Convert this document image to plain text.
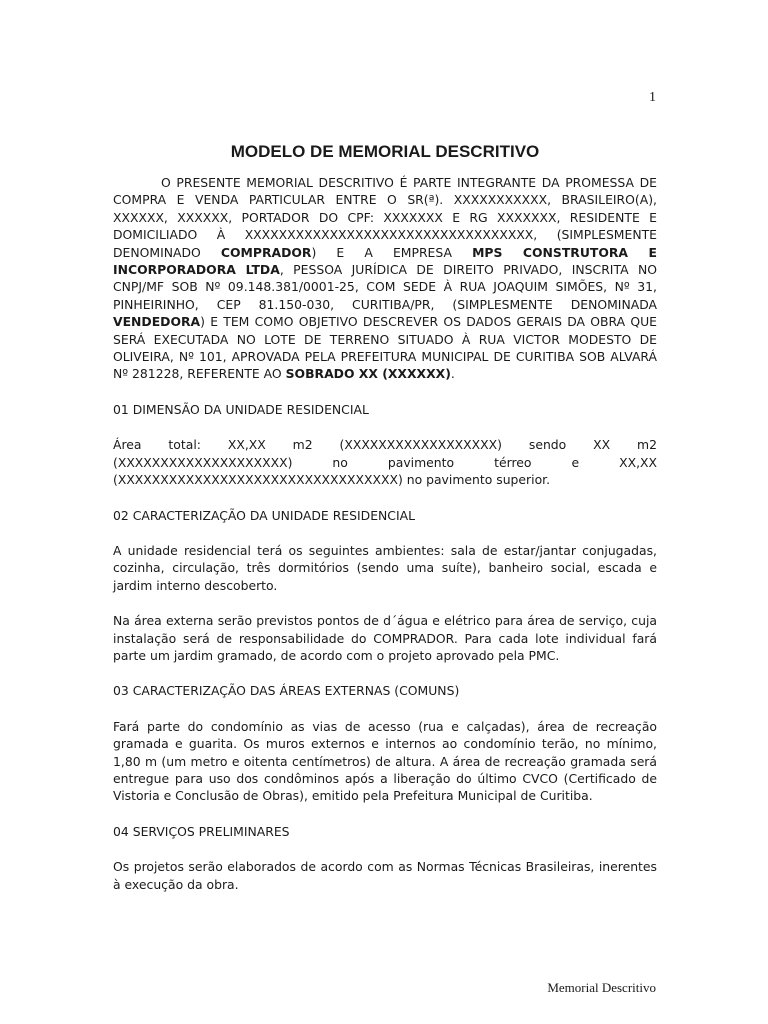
1
MODELO DE MEMORIAL DESCRITIVO

O PRESENTE MEMORIAL DESCRITIVO É PARTE INTEGRANTE DA PROMESSA DE COMPRA E VENDA PARTICULAR ENTRE O SR(ª). XXXXXXXXXXX, BRASILEIRO(A), XXXXXX, XXXXXX, PORTADOR DO CPF: XXXXXXX E RG XXXXXXX, RESIDENTE E DOMICILIADO À XXXXXXXXXXXXXXXXXXXXXXXXXXXXXXXXXX, (SIMPLESMENTE DENOMINADO COMPRADOR) E A EMPRESA MPS CONSTRUTORA E INCORPORADORA LTDA, PESSOA JURÍDICA DE DIREITO PRIVADO, INSCRITA NO CNPJ/MF SOB Nº 09.148.381/0001-25, COM SEDE À RUA JOAQUIM SIMÕES, Nº 31, PINHEIRINHO, CEP 81.150-030, CURITIBA/PR, (SIMPLESMENTE DENOMINADA VENDEDORA) E TEM COMO OBJETIVO DESCREVER OS DADOS GERAIS DA OBRA QUE SERÁ EXECUTADA NO LOTE DE TERRENO SITUADO À RUA VICTOR MODESTO DE OLIVEIRA, Nº 101, APROVADA PELA PREFEITURA MUNICIPAL DE CURITIBA SOB ALVARÁ Nº 281228, REFERENTE AO SOBRADO XX (XXXXXX).

01 DIMENSÃO DA UNIDADE RESIDENCIAL

Área total: XX,XX m2 (XXXXXXXXXXXXXXXXXX) sendo XX m2 (XXXXXXXXXXXXXXXXXXXX) no pavimento térreo e XX,XX (XXXXXXXXXXXXXXXXXXXXXXXXXXXXXXXXX) no pavimento superior.

02 CARACTERIZAÇÃO DA UNIDADE RESIDENCIAL

A unidade residencial terá os seguintes ambientes: sala de estar/jantar conjugadas, cozinha, circulação, três dormitórios (sendo uma suíte), banheiro social, escada e jardim interno descoberto.

Na área externa serão previstos pontos de d´água e elétrico para área de serviço, cuja instalação será de responsabilidade do COMPRADOR. Para cada lote individual fará parte um jardim gramado, de acordo com o projeto aprovado pela PMC.

03 CARACTERIZAÇÃO DAS ÁREAS EXTERNAS (COMUNS)

Fará parte do condomínio as vias de acesso (rua e calçadas), área de recreação gramada e guarita. Os muros externos e internos ao condomínio terão, no mínimo, 1,80 m (um metro e oitenta centímetros) de altura. A área de recreação gramada será entregue para uso dos condôminos após a liberação do último CVCO (Certificado de Vistoria e Conclusão de Obras), emitido pela Prefeitura Municipal de Curitiba.

04 SERVIÇOS PRELIMINARES

Os projetos serão elaborados de acordo com as Normas Técnicas Brasileiras, inerentes à execução da obra.

Memorial Descritivo
